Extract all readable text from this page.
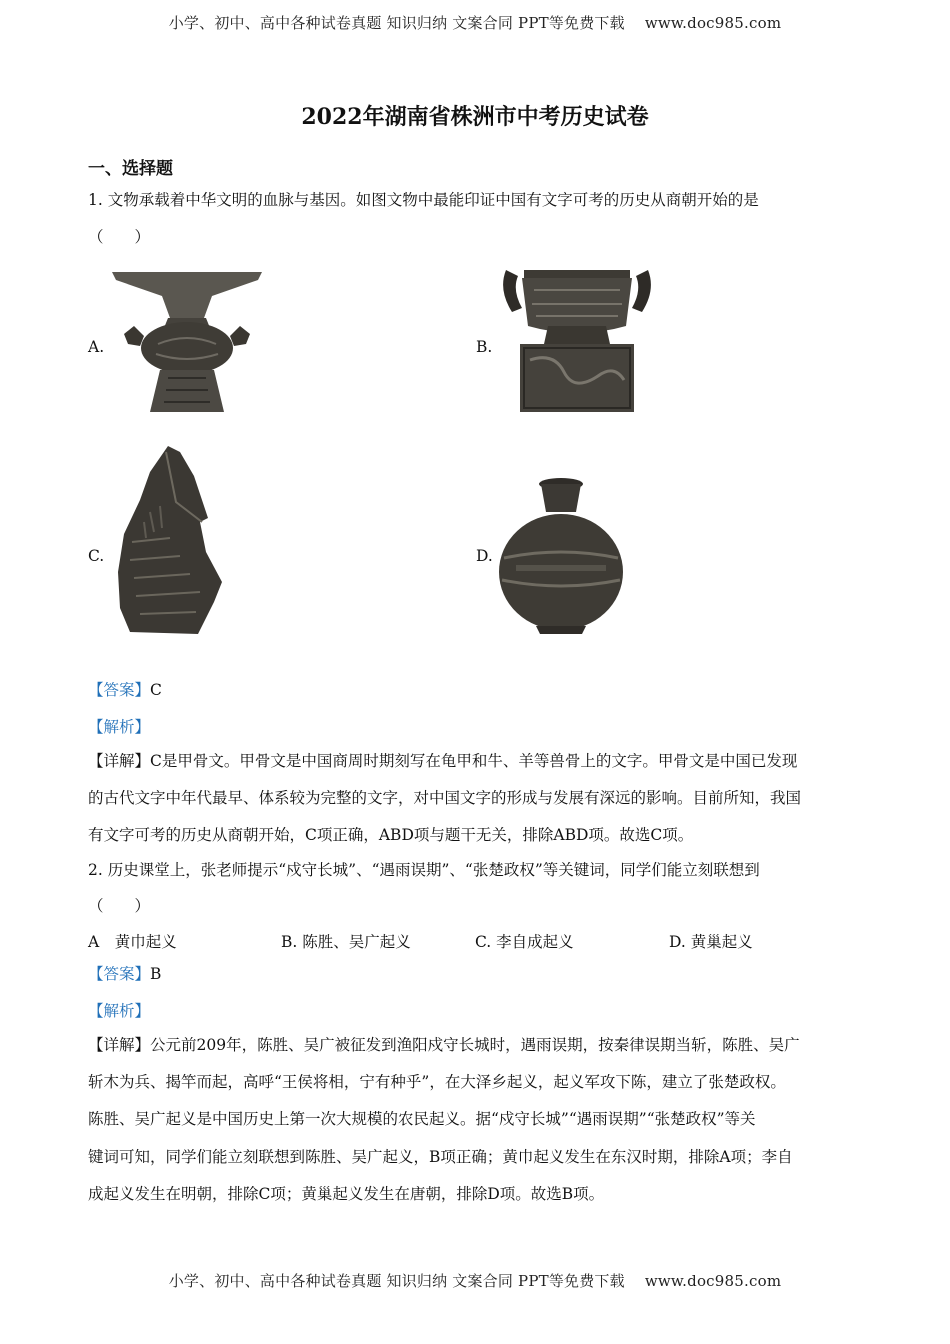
小学、初中、高中各种试卷真题 知识归纳 文案合同 PPT等免费下载 www.doc985.com
2022年湖南省株洲市中考历史试卷
一、选择题
1. 文物承载着中华文明的血脉与基因。如图文物中最能印证中国有文字可考的历史从商朝开始的是
（　　）
A.	B.
C.	D.
【答案】C
【解析】
【详解】C是甲骨文。甲骨文是中国商周时期刻写在龟甲和牛、羊等兽骨上的文字。甲骨文是中国已发现
的古代文字中年代最早、体系较为完整的文字，对中国文字的形成与发展有深远的影响。目前所知，我国
有文字可考的历史从商朝开始，C项正确，ABD项与题干无关，排除ABD项。故选C项。
2. 历史课堂上，张老师提示“戍守长城”、“遇雨误期”、“张楚政权”等关键词，同学们能立刻联想到
（　　）
A　黄巾起义	B. 陈胜、吴广起义	C. 李自成起义	D. 黄巢起义
【答案】B
【解析】
【详解】公元前209年，陈胜、吴广被征发到渔阳戍守长城时，遇雨误期，按秦律误期当斩，陈胜、吴广
斩木为兵、揭竿而起，高呼“王侯将相，宁有种乎”，在大泽乡起义，起义军攻下陈，建立了张楚政权。
陈胜、吴广起义是中国历史上第一次大规模的农民起义。据“戍守长城”“遇雨误期”“张楚政权”等关
键词可知，同学们能立刻联想到陈胜、吴广起义，B项正确；黄巾起义发生在东汉时期，排除A项；李自
成起义发生在明朝，排除C项；黄巢起义发生在唐朝，排除D项。故选B项。
小学、初中、高中各种试卷真题 知识归纳 文案合同 PPT等免费下载 www.doc985.com
